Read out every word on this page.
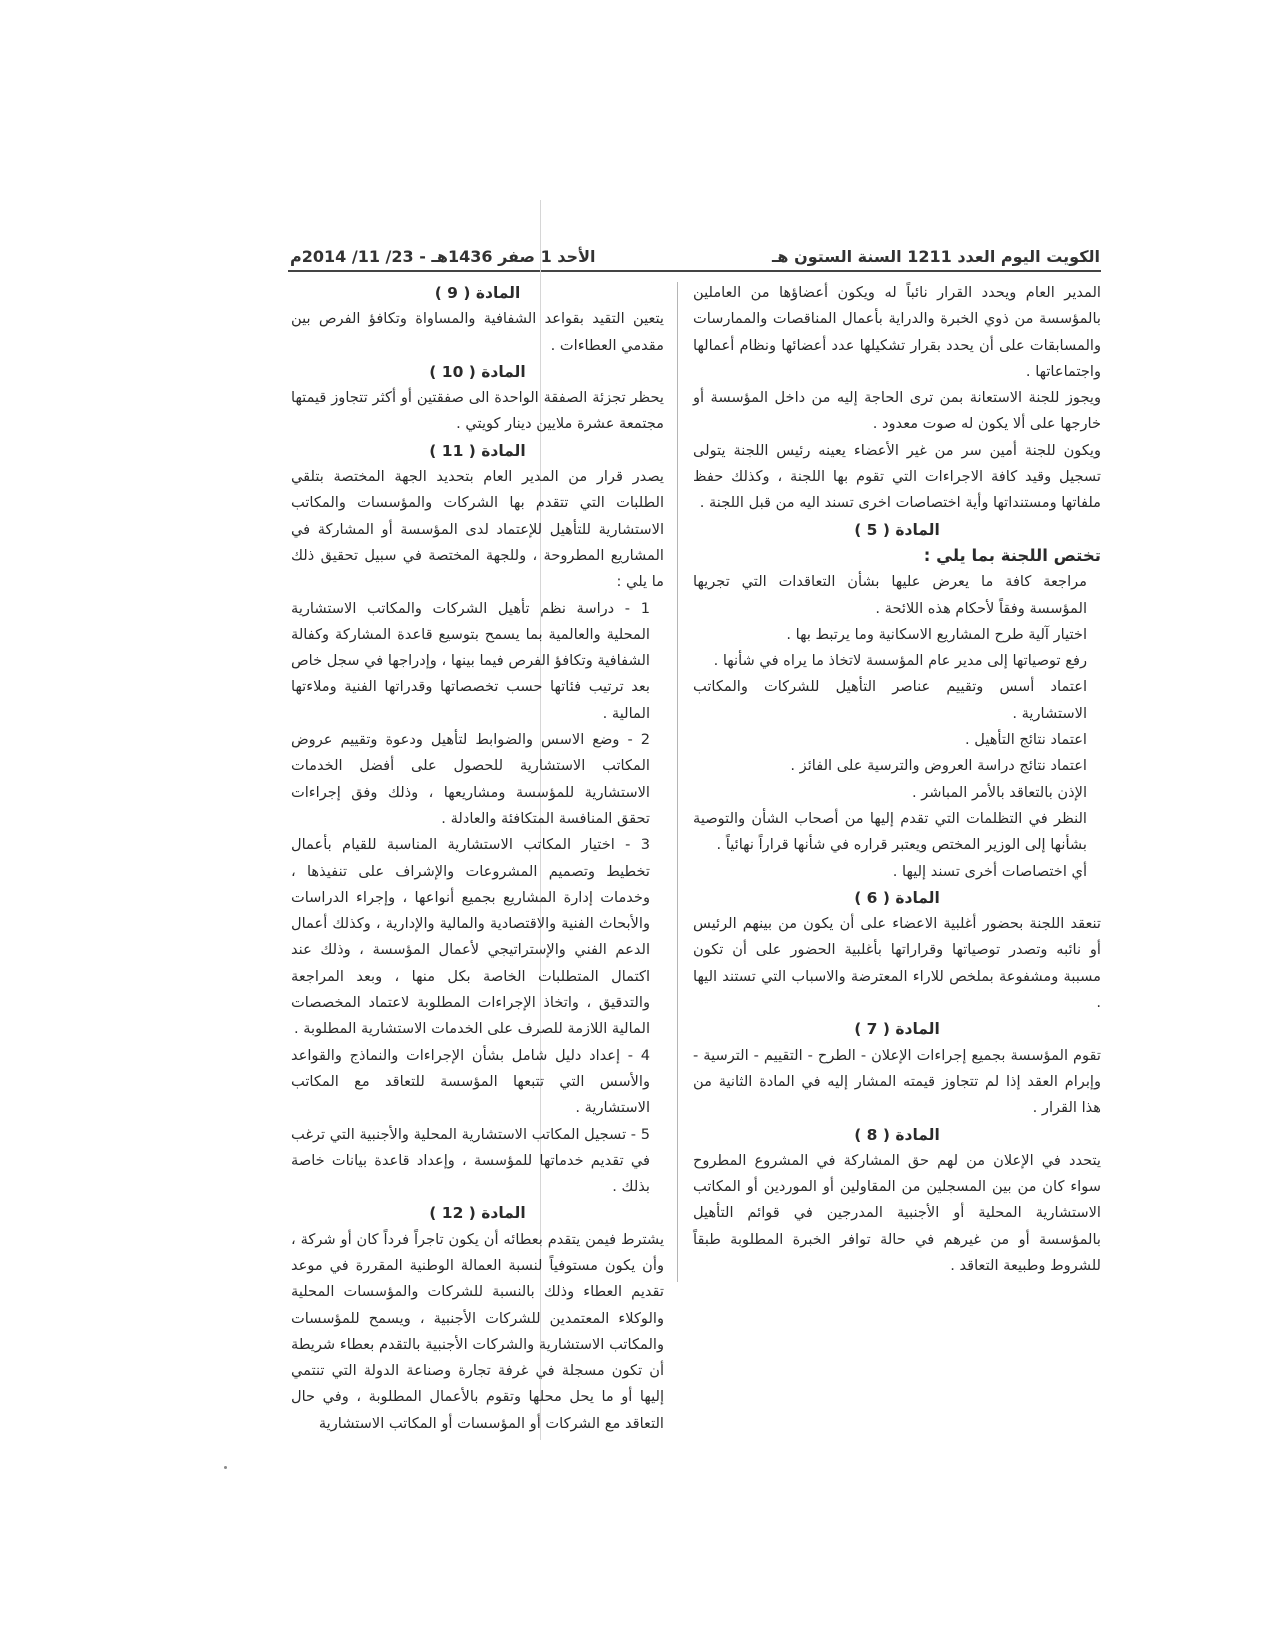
الكويت اليوم العدد 1211 السنة الستون هـ
الأحد 1 صفر 1436هـ - 23/ 11/ 2014م

المدير العام ويحدد القرار نائباً له ويكون أعضاؤها من العاملين بالمؤسسة من ذوي الخبرة والدراية بأعمال المناقصات والممارسات والمسابقات على أن يحدد بقرار تشكيلها عدد أعضائها ونظام أعمالها واجتماعاتها .

ويجوز للجنة الاستعانة بمن ترى الحاجة إليه من داخل المؤسسة أو خارجها على ألا يكون له صوت معدود .

ويكون للجنة أمين سر من غير الأعضاء يعينه رئيس اللجنة يتولى تسجيل وقيد كافة الاجراءات التي تقوم بها اللجنة ، وكذلك حفظ ملفاتها ومستنداتها وأية اختصاصات اخرى تسند اليه من قبل اللجنة .

المادة ( 5 )

تختص اللجنة بما يلي :

مراجعة كافة ما يعرض عليها بشأن التعاقدات التي تجريها المؤسسة وفقاً لأحكام هذه اللائحة .

اختيار آلية طرح المشاريع الاسكانية وما يرتبط بها .

رفع توصياتها إلى مدير عام المؤسسة لاتخاذ ما يراه في شأنها .

اعتماد أسس وتقييم عناصر التأهيل للشركات والمكاتب الاستشارية .

اعتماد نتائج التأهيل .

اعتماد نتائج دراسة العروض والترسية على الفائز .

الإذن بالتعاقد بالأمر المباشر .

النظر في التظلمات التي تقدم إليها من أصحاب الشأن والتوصية بشأنها إلى الوزير المختص ويعتبر قراره في شأنها قراراً نهائياً .

أي اختصاصات أخرى تسند إليها .

المادة ( 6 )

تنعقد اللجنة بحضور أغلبية الاعضاء على أن يكون من بينهم الرئيس أو نائبه وتصدر توصياتها وقراراتها بأغلبية الحضور على أن تكون مسببة ومشفوعة بملخص للاراء المعترضة والاسباب التي تستند اليها .

المادة ( 7 )

تقوم المؤسسة بجميع إجراءات الإعلان - الطرح - التقييم - الترسية - وإبرام العقد إذا لم تتجاوز قيمته المشار إليه في المادة الثانية من هذا القرار .

المادة ( 8 )

يتحدد في الإعلان من لهم حق المشاركة في المشروع المطروح سواء كان من بين المسجلين من المقاولين أو الموردين أو المكاتب الاستشارية المحلية أو الأجنبية المدرجين في قوائم التأهيل بالمؤسسة أو من غيرهم في حالة توافر الخبرة المطلوبة طبقاً للشروط وطبيعة التعاقد .

المادة ( 9 )

يتعين التقيد بقواعد الشفافية والمساواة وتكافؤ الفرص بين مقدمي العطاءات .

المادة ( 10 )

يحظر تجزئة الصفقة الواحدة الى صفقتين أو أكثر تتجاوز قيمتها مجتمعة عشرة ملايين دينار كويتي .

المادة ( 11 )

يصدر قرار من المدير العام بتحديد الجهة المختصة بتلقي الطلبات التي تتقدم بها الشركات والمؤسسات والمكاتب الاستشارية للتأهيل للإعتماد لدى المؤسسة أو المشاركة في المشاريع المطروحة ، وللجهة المختصة في سبيل تحقيق ذلك ما يلي :

1 - دراسة نظم تأهيل الشركات والمكاتب الاستشارية المحلية والعالمية بما يسمح بتوسيع قاعدة المشاركة وكفالة الشفافية وتكافؤ الفرص فيما بينها ، وإدراجها في سجل خاص بعد ترتيب فئاتها حسب تخصصاتها وقدراتها الفنية وملاءتها المالية .

2 - وضع الاسس والضوابط لتأهيل ودعوة وتقييم عروض المكاتب الاستشارية للحصول على أفضل الخدمات الاستشارية للمؤسسة ومشاريعها ، وذلك وفق إجراءات تحقق المنافسة المتكافئة والعادلة .

3 - اختيار المكاتب الاستشارية المناسبة للقيام بأعمال تخطيط وتصميم المشروعات والإشراف على تنفيذها ، وخدمات إدارة المشاريع بجميع أنواعها ، وإجراء الدراسات والأبحاث الفنية والاقتصادية والمالية والإدارية ، وكذلك أعمال الدعم الفني والإستراتيجي لأعمال المؤسسة ، وذلك عند اكتمال المتطلبات الخاصة بكل منها ، وبعد المراجعة والتدقيق ، واتخاذ الإجراءات المطلوبة لاعتماد المخصصات المالية اللازمة للصرف على الخدمات الاستشارية المطلوبة .

4 - إعداد دليل شامل بشأن الإجراءات والنماذج والقواعد والأسس التي تتبعها المؤسسة للتعاقد مع المكاتب الاستشارية .

5 - تسجيل المكاتب الاستشارية المحلية والأجنبية التي ترغب في تقديم خدماتها للمؤسسة ، وإعداد قاعدة بيانات خاصة بذلك .

المادة ( 12 )

يشترط فيمن يتقدم بعطائه أن يكون تاجراً فرداً كان أو شركة ، وأن يكون مستوفياً لنسبة العمالة الوطنية المقررة في موعد تقديم العطاء وذلك بالنسبة للشركات والمؤسسات المحلية والوكلاء المعتمدين للشركات الأجنبية ، ويسمح للمؤسسات والمكاتب الاستشارية والشركات الأجنبية بالتقدم بعطاء شريطة أن تكون مسجلة في غرفة تجارة وصناعة الدولة التي تنتمي إليها أو ما يحل محلها وتقوم بالأعمال المطلوبة ، وفي حال التعاقد مع الشركات أو المؤسسات أو المكاتب الاستشارية
